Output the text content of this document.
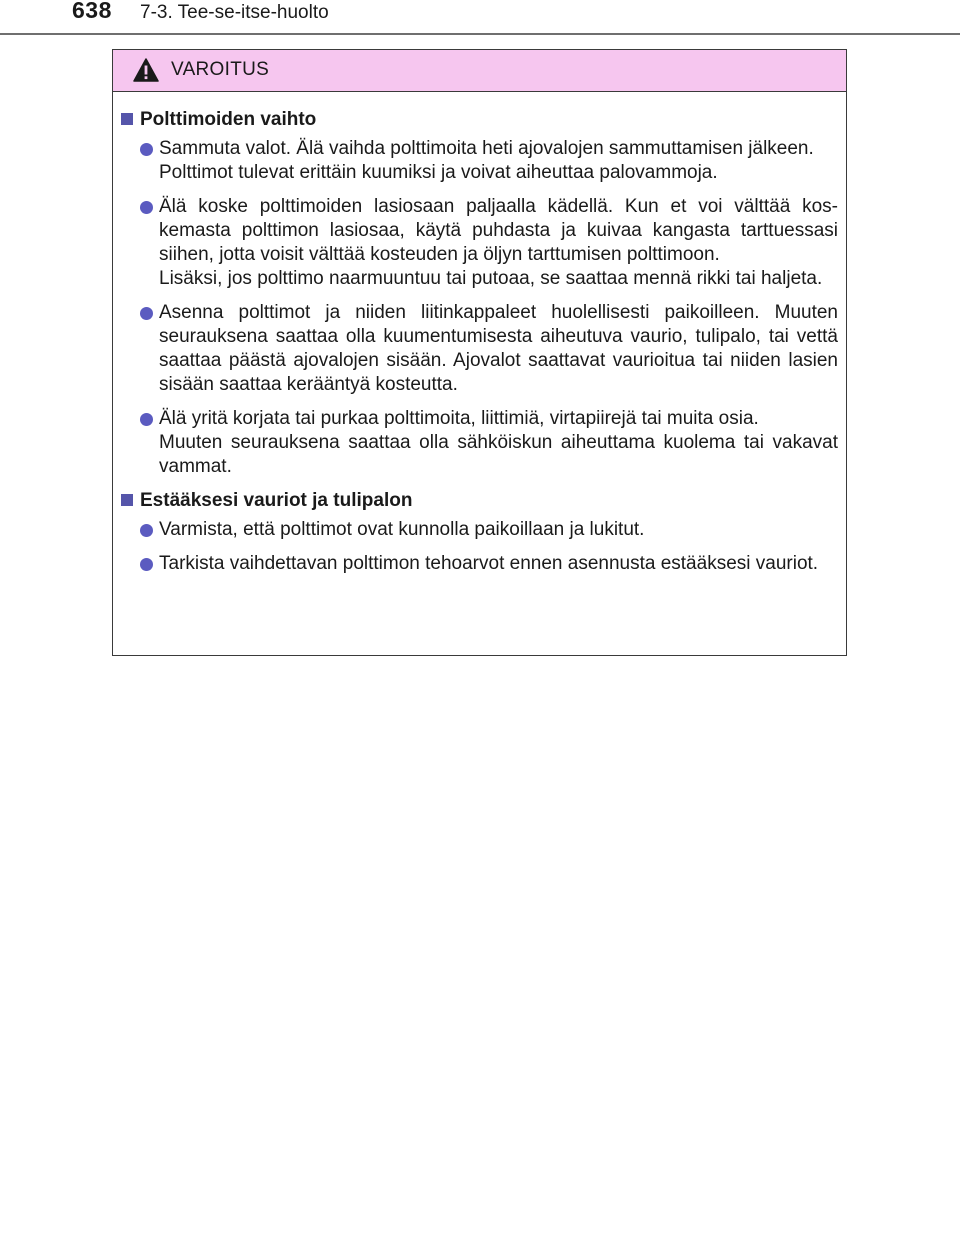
638 7-3. Tee-se-itse-huolto
VAROITUS
Polttimoiden vaihto
Sammuta valot. Älä vaihda polttimoita heti ajovalojen sammuttamisen jälkeen.
Polttimot tulevat erittäin kuumiksi ja voivat aiheuttaa palovammoja.
Älä koske polttimoiden lasiosaan paljaalla kädellä. Kun et voi välttää koskemasta polttimon lasiosaa, käytä puhdasta ja kuivaa kangasta tarttuessasi siihen, jotta voisit välttää kosteuden ja öljyn tarttumisen polttimoon.
Lisäksi, jos polttimo naarmuuntuu tai putoaa, se saattaa mennä rikki tai haljeta.
Asenna polttimot ja niiden liitinkappaleet huolellisesti paikoilleen. Muuten seurauksena saattaa olla kuumentumisesta aiheutuva vaurio, tulipalo, tai vettä saattaa päästä ajovalojen sisään. Ajovalot saattavat vaurioitua tai niiden lasien sisään saattaa kerääntyä kosteutta.
Älä yritä korjata tai purkaa polttimoita, liittimiä, virtapiirejä tai muita osia.
Muuten seurauksena saattaa olla sähköiskun aiheuttama kuolema tai vakavat vammat.
Estääksesi vauriot ja tulipalon
Varmista, että polttimot ovat kunnolla paikoillaan ja lukitut.
Tarkista vaihdettavan polttimon tehoarvot ennen asennusta estääksesi vauriot.
